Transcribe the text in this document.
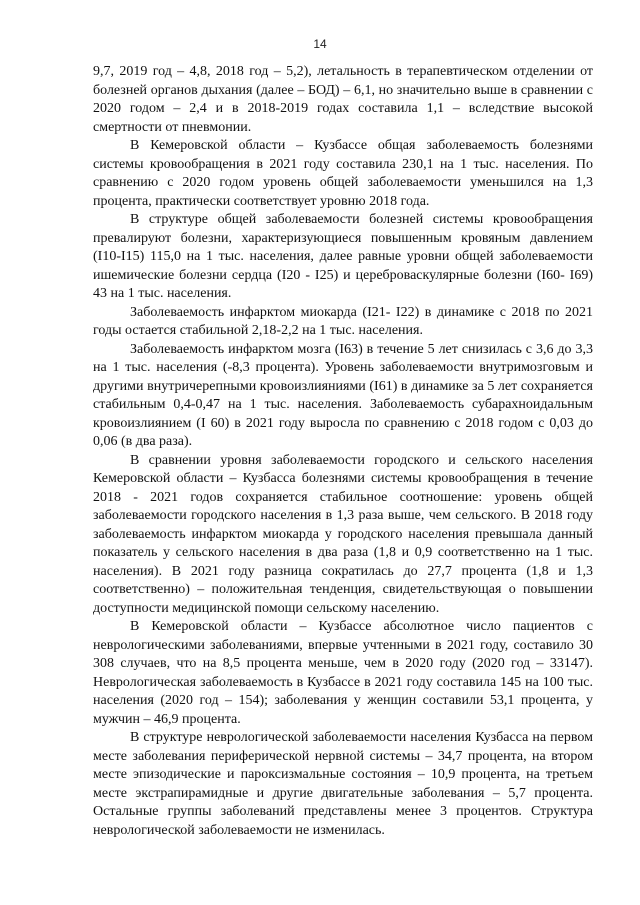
14

9,7, 2019 год – 4,8, 2018 год – 5,2), летальность в терапевтическом отделении от болезней органов дыхания (далее – БОД) – 6,1, но значительно выше в сравнении с 2020 годом – 2,4 и в 2018-2019 годах составила 1,1 – вследствие высокой смертности от пневмонии.

В Кемеровской области – Кузбассе общая заболеваемость болезнями системы кровообращения в 2021 году составила 230,1 на 1 тыс. населения. По сравнению с 2020 годом уровень общей заболеваемости уменьшился на 1,3 процента, практически соответствует уровню 2018 года.

В структуре общей заболеваемости болезней системы кровообращения превалируют болезни, характеризующиеся повышенным кровяным давлением (I10-I15) 115,0 на 1 тыс. населения, далее равные уровни общей заболеваемости ишемические болезни сердца (I20 - I25) и цереброваскулярные болезни (I60- I69) 43 на 1 тыс. населения.

Заболеваемость инфарктом миокарда (I21- I22) в динамике с 2018 по 2021 годы остается стабильной 2,18-2,2 на 1 тыс. населения.

Заболеваемость инфарктом мозга (I63) в течение 5 лет снизилась с 3,6 до 3,3 на 1 тыс. населения (-8,3 процента). Уровень заболеваемости внутримозговым и другими внутричерепными кровоизлияниями (I61) в динамике за 5 лет сохраняется стабильным 0,4-0,47 на 1 тыс. населения. Заболеваемость субарахноидальным кровоизлиянием (I 60) в 2021 году выросла по сравнению с 2018 годом с 0,03 до 0,06 (в два раза).

В сравнении уровня заболеваемости городского и сельского населения Кемеровской области – Кузбасса болезнями системы кровообращения в течение 2018 - 2021 годов сохраняется стабильное соотношение: уровень общей заболеваемости городского населения в 1,3 раза выше, чем сельского. В 2018 году заболеваемость инфарктом миокарда у городского населения превышала данный показатель у сельского населения в два раза (1,8 и 0,9 соответственно на 1 тыс. населения). В 2021 году разница сократилась до 27,7 процента (1,8 и 1,3 соответственно) – положительная тенденция, свидетельствующая о повышении доступности медицинской помощи сельскому населению.

В Кемеровской области – Кузбассе абсолютное число пациентов с неврологическими заболеваниями, впервые учтенными в 2021 году, составило 30 308 случаев, что на 8,5 процента меньше, чем в 2020 году (2020 год – 33147). Неврологическая заболеваемость в Кузбассе в 2021 году составила 145 на 100 тыс. населения (2020 год – 154); заболевания у женщин составили 53,1 процента, у мужчин – 46,9 процента.

В структуре неврологической заболеваемости населения Кузбасса на первом месте заболевания периферической нервной системы – 34,7 процента, на втором месте эпизодические и пароксизмальные состояния – 10,9 процента, на третьем месте экстрапирамидные и другие двигательные заболевания – 5,7 процента. Остальные группы заболеваний представлены менее 3 процентов. Структура неврологической заболеваемости не изменилась.
